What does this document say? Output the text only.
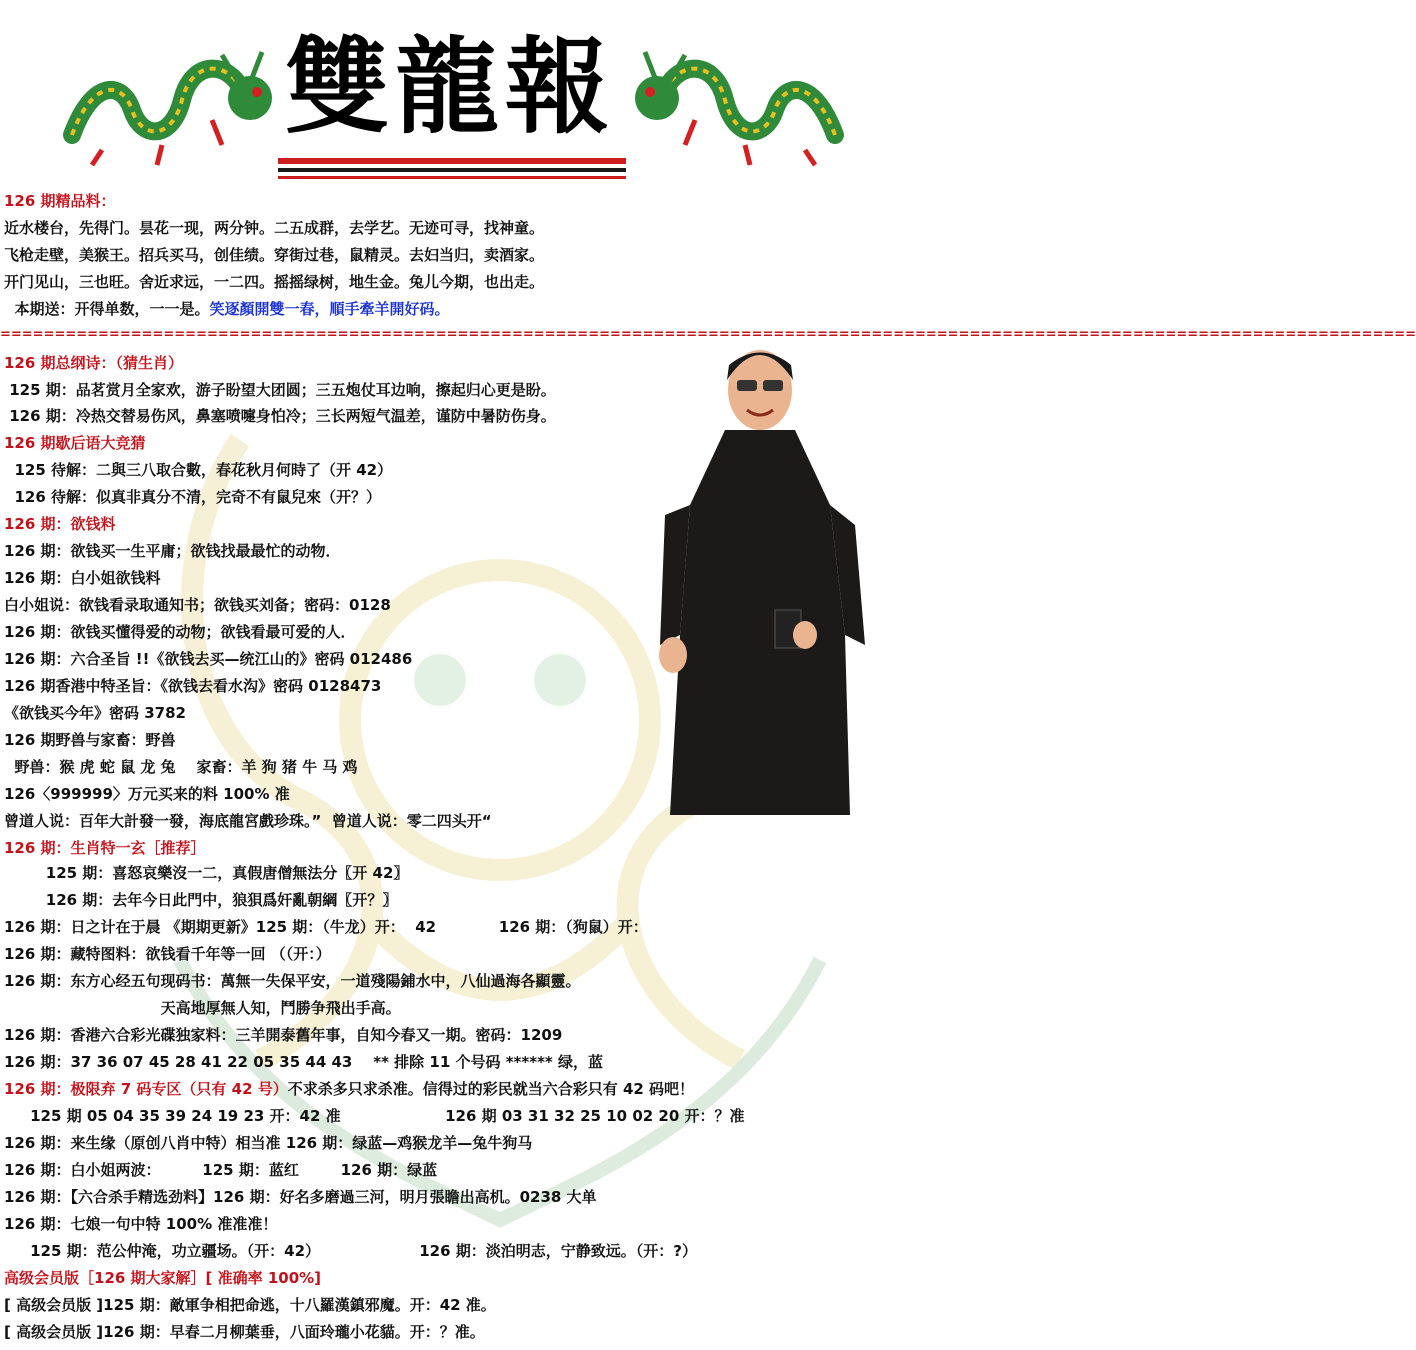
雙龍報
126 期精品料：
近水楼台，先得门。昙花一现，两分钟。二五成群，去学艺。无迹可寻，找神童。
飞枪走壁，美猴王。招兵买马，创佳绩。穿街过巷，鼠精灵。去妇当归，卖酒家。
开门见山，三也旺。舍近求远，一二四。摇摇绿树，地生金。兔儿今期，也出走。
本期送：开得单数，一一是。笑逐顏開雙一春，順手牽羊開好码。
==================================================================================================================================
126 期总纲诗：（猜生肖）
125 期：品茗赏月全家欢，游子盼望大团圆；三五炮仗耳边响，擦起归心更是盼。
126 期：冷热交替易伤风，鼻塞喷嚏身怕冷；三长两短气温差，谨防中暑防伤身。
126 期歇后语大竞猜
125 待解：二與三八取合數，春花秋月何時了（开 42）
126 待解：似真非真分不清，完奇不有鼠兒來（开？）
126 期：欲钱料
126 期：欲钱买一生平庸；欲钱找最最忙的动物．
126 期：白小姐欲钱料
白小姐说：欲钱看录取通知书；欲钱买刘备；密码：0128
126 期：欲钱买懂得爱的动物；欲钱看最可爱的人．
126 期：六合圣旨 !!《欲钱去买—统江山的》密码 012486
126 期香港中特圣旨：《欲钱去看水沟》密码 0128473
《欲钱买今年》密码 3782
126 期野兽与家畜：野兽
野兽：猴 虎 蛇 鼠 龙 兔    家畜：羊 狗 猪 牛 马 鸡
126〈999999〉万元买来的料 100% 准
曾道人说：百年大計發一發，海底龍宮戲珍珠。”  曾道人说：零二四头开“
126 期：生肖特一玄［推荐］
125 期：喜怒哀樂沒一二，真假唐僧無法分〖开 42〗
126 期：去年今日此門中，狼狽爲奸亂朝綱〖开？〗
126 期：日之计在于晨 《期期更新》125 期：（牛龙）开：  42            126 期：（狗鼠）开：
126 期：藏特图料：欲钱看千年等一回 （（开：）
126 期：东方心经五句现码书：萬無一失保平安，一道殘陽鋪水中，八仙過海各顯靈。
天高地厚無人知，鬥勝争飛出手高。
126 期：香港六合彩光碟独家料：三羊開泰舊年事，自知今春又一期。密码：1209
126 期：37 36 07 45 28 41 22 05 35 44 43    ** 排除 11 个号码 ****** 绿，蓝
125 期 05 04 35 39 24 19 23 开：42 准                    126 期 03 31 32 25 10 02 20 开：？准
126 期：来生缘（原创八肖中特）相当准 126 期：绿蓝—鸡猴龙羊—兔牛狗马
126 期：白小姐两波：        125 期：蓝红        126 期：绿蓝
126 期：【六合杀手精选劲料】126 期：好名多磨過三河，明月張瞻出高机。0238 大单
126 期：七娘一句中特 100% 准准准！
125 期：范公仲淹，功立疆场。（开：42）                   126 期：淡泊明志，宁静致远。（开：?）
高级会员版［126 期大家解］[ 准确率 100%]
[ 高级会员版 ]125 期：敵軍争相把命逃，十八羅漢鎮邪魔。开：42 准。
[ 高级会员版 ]126 期：早春二月柳葉垂，八面玲瓏小花貓。开：？准。
126 期：极限弃 7 码专区（只有 42 号）不求杀多只求杀准。信得过的彩民就当六合彩只有 42 码吧！
